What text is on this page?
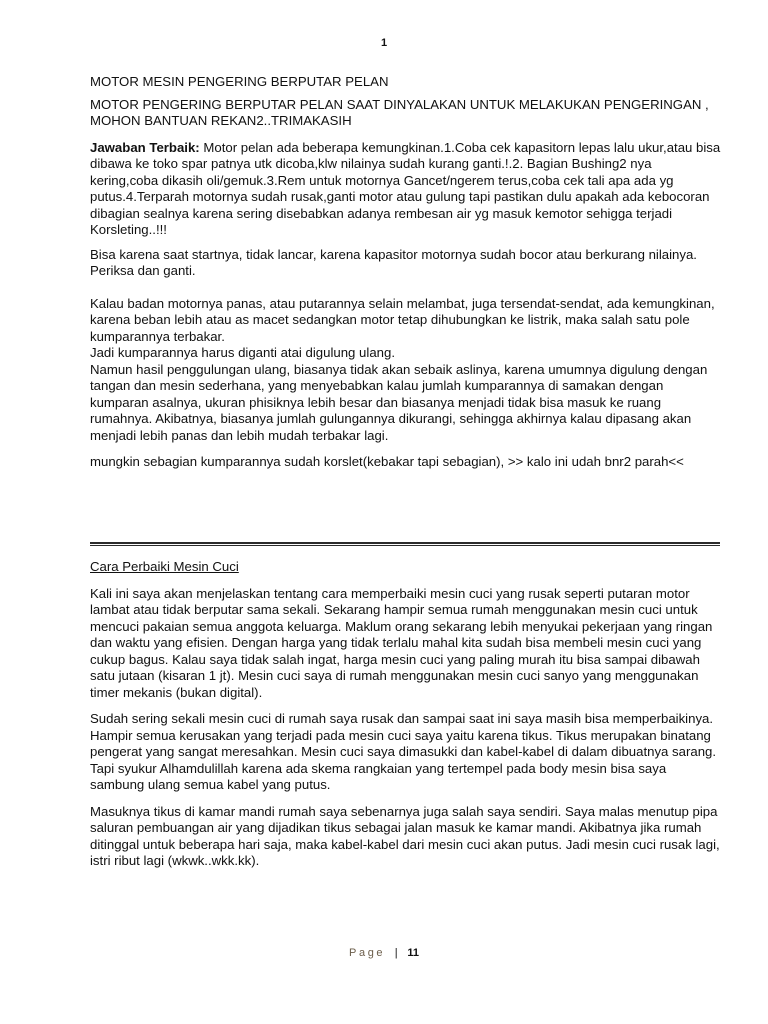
1

MOTOR MESIN PENGERING BERPUTAR PELAN

MOTOR PENGERING BERPUTAR PELAN SAAT DINYALAKAN UNTUK MELAKUKAN PENGERINGAN , MOHON BANTUAN REKAN2..TRIMAKASIH

Jawaban Terbaik: Motor pelan ada beberapa kemungkinan.1.Coba cek kapasitorn lepas lalu ukur,atau bisa dibawa ke toko spar patnya utk dicoba,klw nilainya sudah kurang ganti.!.2. Bagian Bushing2 nya kering,coba dikasih oli/gemuk.3.Rem untuk motornya Gancet/ngerem terus,coba cek tali apa ada yg putus.4.Terparah motornya sudah rusak,ganti motor atau gulung tapi pastikan dulu apakah ada kebocoran dibagian sealnya karena sering disebabkan adanya rembesan air yg masuk kemotor sehigga terjadi Korsleting..!!!

Bisa karena saat startnya, tidak lancar, karena kapasitor motornya sudah bocor atau berkurang nilainya.
Periksa dan ganti.

Kalau badan motornya panas, atau putarannya selain melambat, juga tersendat-sendat, ada kemungkinan, karena beban lebih atau as macet sedangkan motor tetap dihubungkan ke listrik, maka salah satu pole kumparannya terbakar.
Jadi kumparannya harus diganti atai digulung ulang.
Namun hasil penggulungan ulang, biasanya tidak akan sebaik aslinya, karena umumnya digulung dengan tangan dan mesin sederhana, yang menyebabkan kalau jumlah kumparannya di samakan dengan kumparan asalnya, ukuran phisiknya lebih besar dan biasanya menjadi tidak bisa masuk ke ruang rumahnya. Akibatnya, biasanya jumlah gulungannya dikurangi, sehingga akhirnya kalau dipasang akan menjadi lebih panas dan lebih mudah terbakar lagi.

mungkin sebagian kumparannya sudah korslet(kebakar tapi sebagian), >> kalo ini udah bnr2 parah<<

Cara Perbaiki Mesin Cuci

Kali ini saya akan menjelaskan tentang cara memperbaiki mesin cuci yang rusak seperti putaran motor lambat atau tidak berputar sama sekali. Sekarang hampir semua rumah menggunakan mesin cuci untuk mencuci pakaian semua anggota keluarga. Maklum orang sekarang lebih menyukai pekerjaan yang ringan dan waktu yang efisien. Dengan harga yang tidak terlalu mahal kita sudah bisa membeli mesin cuci yang cukup bagus. Kalau saya tidak salah ingat, harga mesin cuci yang paling murah itu bisa sampai dibawah satu jutaan (kisaran 1 jt). Mesin cuci saya di rumah menggunakan mesin cuci sanyo yang menggunakan timer mekanis (bukan digital).

Sudah sering sekali mesin cuci di rumah saya rusak dan sampai saat ini saya masih bisa memperbaikinya. Hampir semua kerusakan yang terjadi pada mesin cuci saya yaitu karena tikus. Tikus merupakan binatang pengerat yang sangat meresahkan. Mesin cuci saya dimasukki dan kabel-kabel di dalam dibuatnya sarang. Tapi syukur Alhamdulillah karena ada skema rangkaian yang tertempel pada body mesin bisa saya sambung ulang semua kabel yang putus.

Masuknya tikus di kamar mandi rumah saya sebenarnya juga salah saya sendiri. Saya malas menutup pipa saluran pembuangan air yang dijadikan tikus sebagai jalan masuk ke kamar mandi. Akibatnya jika rumah ditinggal untuk beberapa hari saja, maka kabel-kabel dari mesin cuci akan putus. Jadi mesin cuci rusak lagi, istri ribut lagi (wkwk..wkk.kk).

Page | 11
